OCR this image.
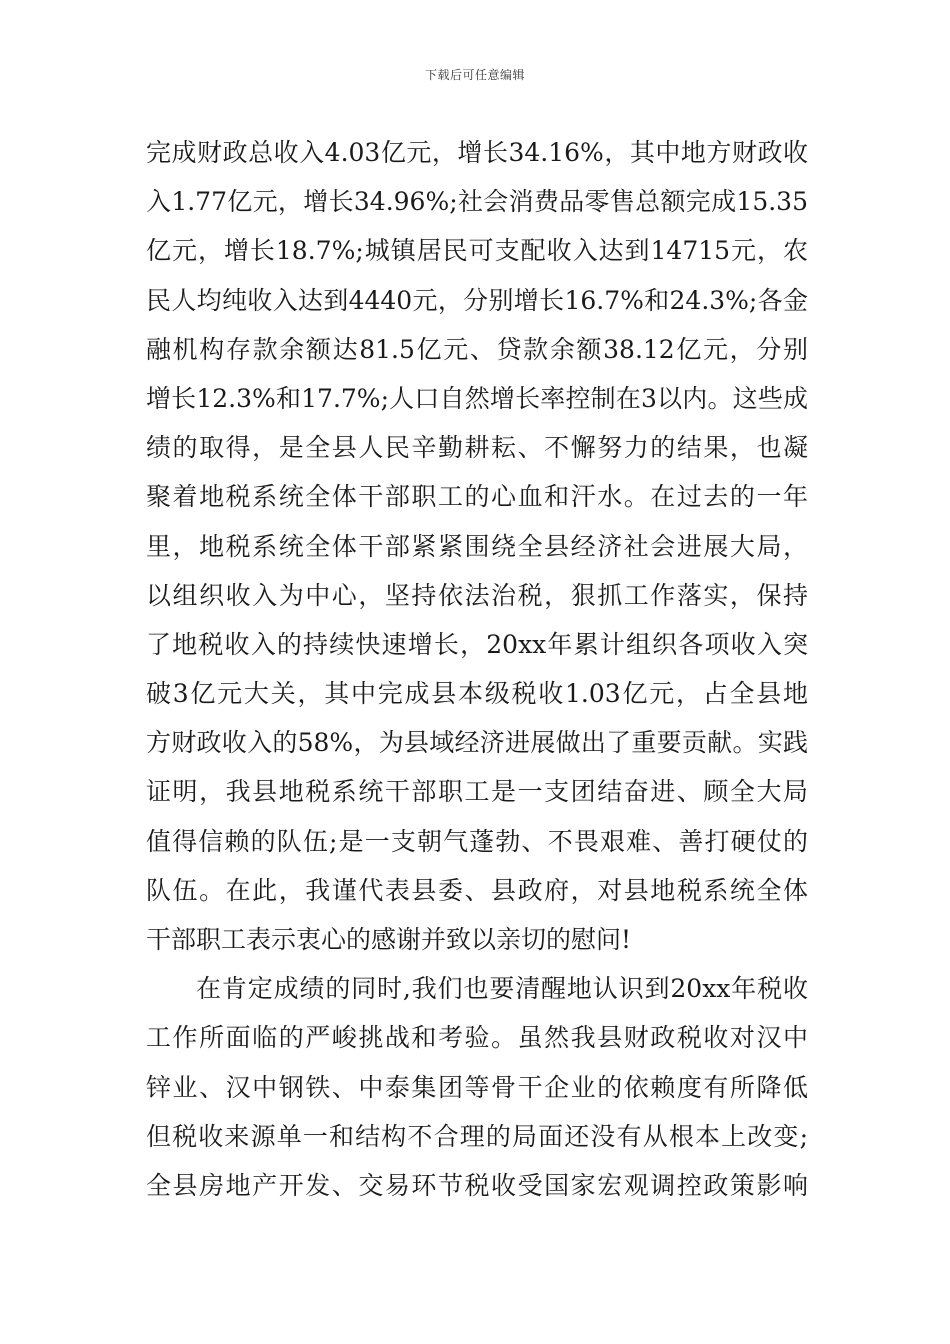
下载后可任意编辑
完成财政总收入4.03亿元，增长34.16%，其中地方财政收
入1.77亿元，增长34.96%;社会消费品零售总额完成15.35
亿元，增长18.7%;城镇居民可支配收入达到14715元，农
民人均纯收入达到4440元，分别增长16.7%和24.3%;各金
融机构存款余额达81.5亿元、贷款余额38.12亿元，分别
增长12.3%和17.7%;人口自然增长率控制在3以内。这些成
绩的取得，是全县人民辛勤耕耘、不懈努力的结果，也凝
聚着地税系统全体干部职工的心血和汗水。在过去的一年
里，地税系统全体干部紧紧围绕全县经济社会进展大局，
以组织收入为中心，坚持依法治税，狠抓工作落实，保持
了地税收入的持续快速增长，20xx年累计组织各项收入突
破3亿元大关，其中完成县本级税收1.03亿元，占全县地
方财政收入的58%，为县域经济进展做出了重要贡献。实践
证明，我县地税系统干部职工是一支团结奋进、顾全大局
值得信赖的队伍;是一支朝气蓬勃、不畏艰难、善打硬仗的
队伍。在此，我谨代表县委、县政府，对县地税系统全体
干部职工表示衷心的感谢并致以亲切的慰问!
在肯定成绩的同时,我们也要清醒地认识到20xx年税收
工作所面临的严峻挑战和考验。虽然我县财政税收对汉中
锌业、汉中钢铁、中泰集团等骨干企业的依赖度有所降低
但税收来源单一和结构不合理的局面还没有从根本上改变;
全县房地产开发、交易环节税收受国家宏观调控政策影响
